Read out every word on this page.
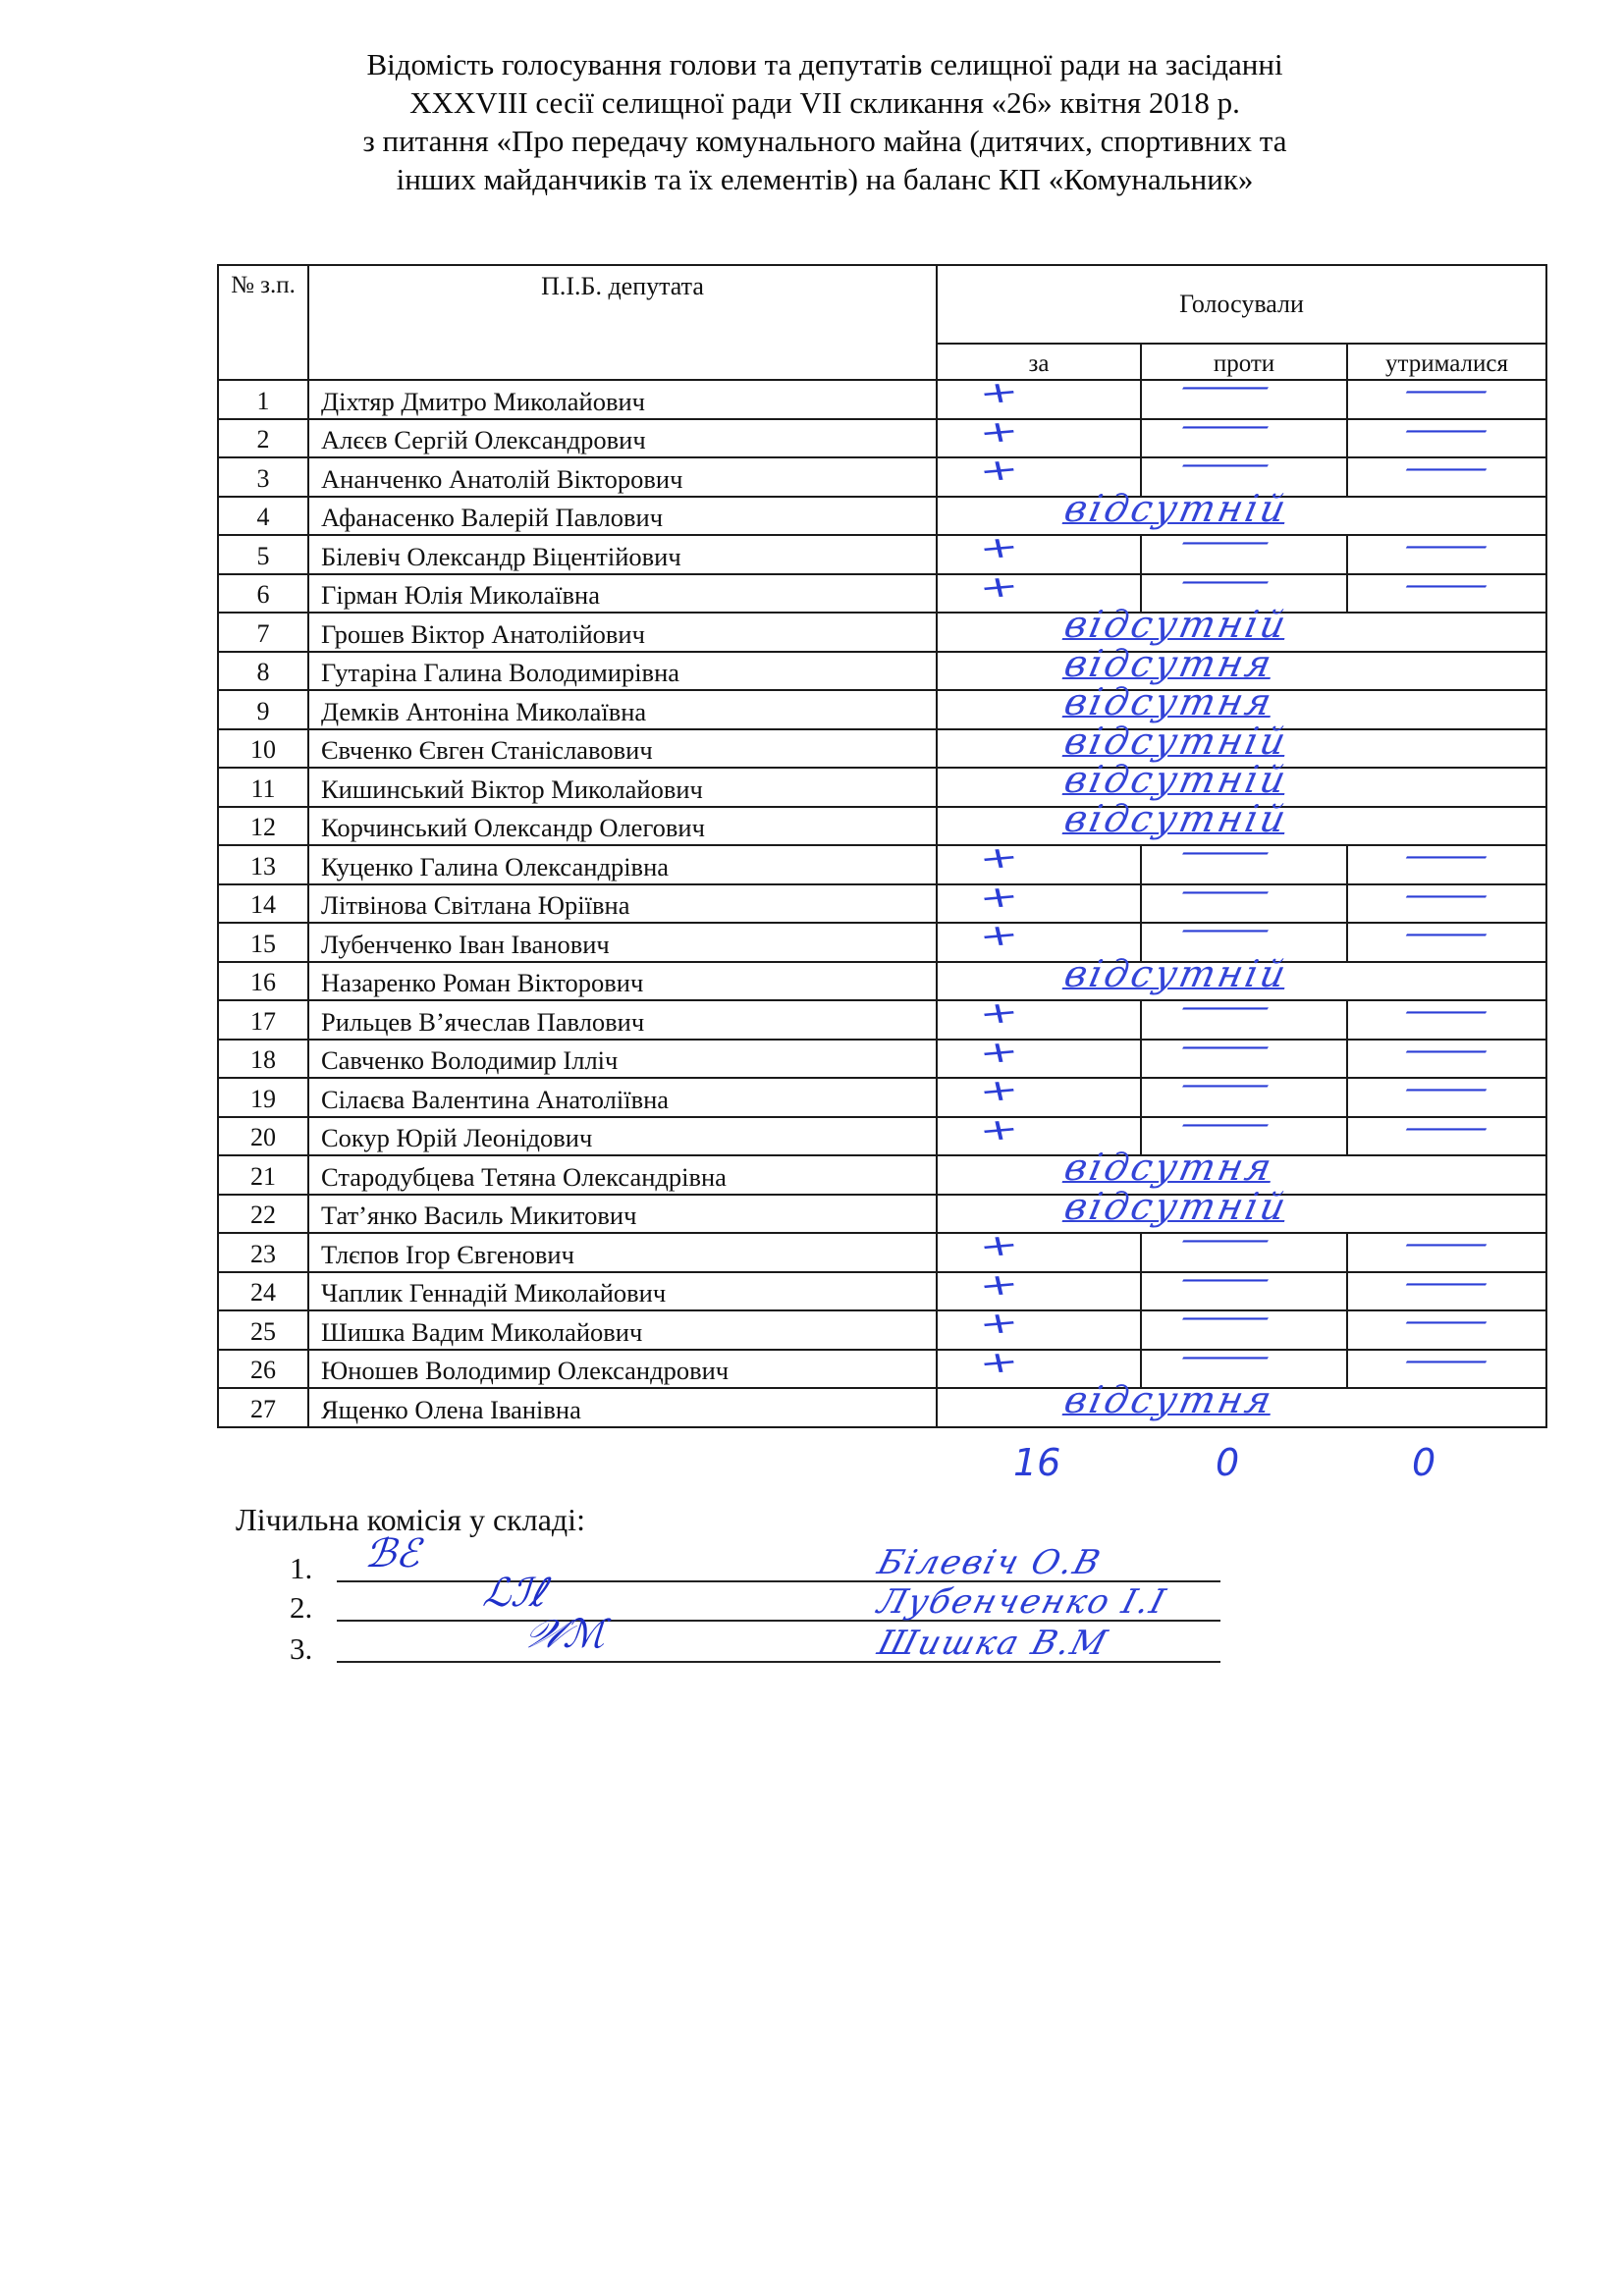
Відомість голосування голови та депутатів селищної ради на засіданні
XXXVIII сесії селищної ради VII скликання «26» квітня 2018 р.
з питання «Про передачу комунального майна (дитячих, спортивних та
інших майданчиків та їх елементів) на баланс КП «Комунальник»
№ з.п.	П.І.Б. депутата	Голосували		
		за	проти	утрималися
1	Діхтяр Дмитро Миколайович	+	—	—

2	Алєєв Сергій Олександрович	+	—	—

3	Ананченко Анатолій Вікторович	+	—	—

4	Афанасенко Валерій Павлович	відсутній		

5	Білевіч Олександр Віцентійович	+	—	—

6	Гірман Юлія Миколаївна	+	—	—

7	Грошев Віктор Анатолійович	відсутній		

8	Гутаріна Галина Володимирівна	відсутня		

9	Демків Антоніна Миколаївна	відсутня		

10	Євченко Євген Станіславович	відсутній		

11	Кишинський Віктор Миколайович	відсутній		

12	Корчинський Олександр Олегович	відсутній		

13	Куценко Галина Олександрівна	+	—	—

14	Літвінова Світлана Юріївна	+	—	—

15	Лубенченко Іван Іванович	+	—	—

16	Назаренко Роман Вікторович	відсутній		

17	Рильцев В’ячеслав Павлович	+	—	—

18	Савченко Володимир Ілліч	+	—	—

19	Сілаєва Валентина Анатоліївна	+	—	—

20	Сокур Юрій Леонідович	+	—	—

21	Стародубцева Тетяна Олександрівна	відсутня		

22	Тат’янко Василь Микитович	відсутній		

23	Тлєпов Ігор Євгенович	+	—	—

24	Чаплик Геннадій Миколайович	+	—	—

25	Шишка Вадим Миколайович	+	—	—

26	Юношев Володимир Олександрович	+	—	—

27	Ященко Олена Іванівна	відсутня		
16	0	0
Лічильна комісія у складі:
1. ℬℰ	Білевіч О.В
2.	ℒℐℓ	Лубенченко І.І
3.	𝒲ℳ	Шишка В.М
